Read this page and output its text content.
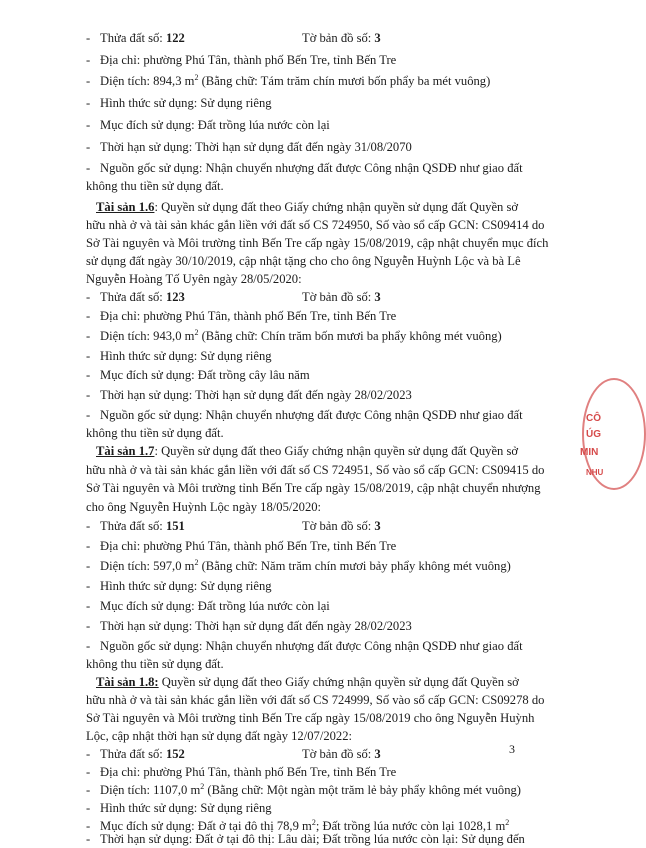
- Thửa đất số: 122	Tờ bản đồ số: 3
- Địa chỉ: phường Phú Tân, thành phố Bến Tre, tỉnh Bến Tre
- Diện tích: 894,3 $m^2$ (Bằng chữ: Tám trăm chín mươi bốn phẩy ba mét vuông)
- Hình thức sử dụng: Sử dụng riêng
- Mục đích sử dụng: Đất trồng lúa nước còn lại
- Thời hạn sử dụng: Thời hạn sử dụng đất đến ngày 31/08/2070
- Nguồn gốc sử dụng: Nhận chuyển nhượng đất được Công nhận QSDĐ như giao đất
không thu tiền sử dụng đất.
Tài sản 1.6: Quyền sử dụng đất theo Giấy chứng nhận quyền sử dụng đất Quyền sở
hữu nhà ở và tài sản khác gắn liền với đất số CS 724950, Số vào sổ cấp GCN: CS09414 do
Sở Tài nguyên và Môi trường tỉnh Bến Tre cấp ngày 15/08/2019, cập nhật chuyển mục đích
sử dụng đất ngày 30/10/2019, cập nhật tặng cho cho ông Nguyễn Huỳnh Lộc và bà Lê
Nguyễn Hoàng Tố Uyên ngày 28/05/2020:
- Thửa đất số: 123	Tờ bản đồ số: 3
- Địa chỉ: phường Phú Tân, thành phố Bến Tre, tỉnh Bến Tre
- Diện tích: 943,0 $m^2$ (Bằng chữ: Chín trăm bốn mươi ba phẩy không mét vuông)
- Hình thức sử dụng: Sử dụng riêng
- Mục đích sử dụng: Đất trồng cây lâu năm
- Thời hạn sử dụng: Thời hạn sử dụng đất đến ngày 28/02/2023
- Nguồn gốc sử dụng: Nhận chuyển nhượng đất được Công nhận QSDĐ như giao đất
không thu tiền sử dụng đất.
Tài sản 1.7: Quyền sử dụng đất theo Giấy chứng nhận quyền sử dụng đất Quyền sở
hữu nhà ở và tài sản khác gắn liền với đất số CS 724951, Số vào sổ cấp GCN: CS09415 do
Sở Tài nguyên và Môi trường tỉnh Bến Tre cấp ngày 15/08/2019, cập nhật chuyển nhượng
cho ông Nguyễn Huỳnh Lộc ngày 18/05/2020:
- Thửa đất số: 151	Tờ bản đồ số: 3
- Địa chỉ: phường Phú Tân, thành phố Bến Tre, tỉnh Bến Tre
- Diện tích: 597,0 $m^2$ (Bằng chữ: Năm trăm chín mươi bảy phẩy không mét vuông)
- Hình thức sử dụng: Sử dụng riêng
- Mục đích sử dụng: Đất trồng lúa nước còn lại
- Thời hạn sử dụng: Thời hạn sử dụng đất đến ngày 28/02/2023
- Nguồn gốc sử dụng: Nhận chuyển nhượng đất được Công nhận QSDĐ như giao đất
không thu tiền sử dụng đất.
Tài sản 1.8: Quyền sử dụng đất theo Giấy chứng nhận quyền sử dụng đất Quyền sở
hữu nhà ở và tài sản khác gắn liền với đất số CS 724999, Số vào sổ cấp GCN: CS09278 do
Sở Tài nguyên và Môi trường tỉnh Bến Tre cấp ngày 15/08/2019 cho ông Nguyễn Huỳnh
Lộc, cập nhật thời hạn sử dụng đất ngày 12/07/2022:
- Thửa đất số: 152	Tờ bản đồ số: 3
- Địa chỉ: phường Phú Tân, thành phố Bến Tre, tỉnh Bến Tre
- Diện tích: 1107,0 $m^2$ (Bằng chữ: Một ngàn một trăm lẻ bảy phẩy không mét vuông)
- Hình thức sử dụng: Sử dụng riêng
- Mục đích sử dụng: Đất ở tại đô thị 78,9 $m^2$; Đất trồng lúa nước còn lại 1028,1 $m^2$
- Thời hạn sử dụng: Đất ở tại đô thị: Lâu dài; Đất trồng lúa nước còn lại: Sử dụng đến
3
CÔ
ÚG
MIN
NHU
